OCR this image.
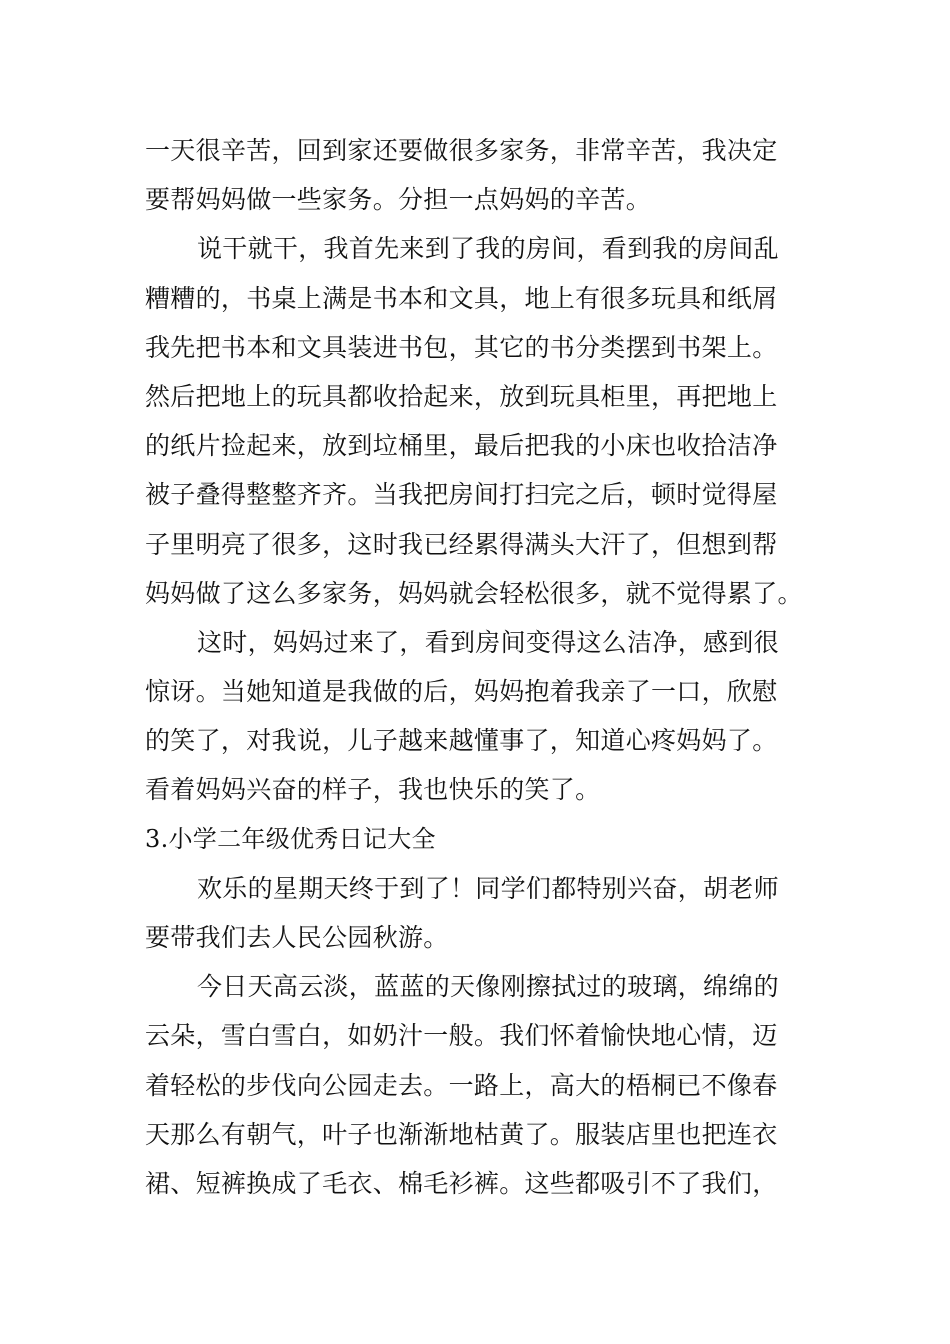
一天很辛苦，回到家还要做很多家务，非常辛苦，我决定
要帮妈妈做一些家务。分担一点妈妈的辛苦。
说干就干，我首先来到了我的房间，看到我的房间乱
糟糟的，书桌上满是书本和文具，地上有很多玩具和纸屑
我先把书本和文具装进书包，其它的书分类摆到书架上。
然后把地上的玩具都收拾起来，放到玩具柜里，再把地上
的纸片捡起来，放到垃桶里，最后把我的小床也收拾洁净
被子叠得整整齐齐。当我把房间打扫完之后，顿时觉得屋
子里明亮了很多，这时我已经累得满头大汗了，但想到帮
妈妈做了这么多家务，妈妈就会轻松很多，就不觉得累了。
这时，妈妈过来了，看到房间变得这么洁净，感到很
惊讶。当她知道是我做的后，妈妈抱着我亲了一口，欣慰
的笑了，对我说，儿子越来越懂事了，知道心疼妈妈了。
看着妈妈兴奋的样子，我也快乐的笑了。
3.小学二年级优秀日记大全
欢乐的星期天终于到了！同学们都特别兴奋，胡老师
要带我们去人民公园秋游。
今日天高云淡，蓝蓝的天像刚擦拭过的玻璃，绵绵的
云朵，雪白雪白，如奶汁一般。我们怀着愉快地心情，迈
着轻松的步伐向公园走去。一路上，高大的梧桐已不像春
天那么有朝气，叶子也渐渐地枯黄了。服装店里也把连衣
裙、短裤换成了毛衣、棉毛衫裤。这些都吸引不了我们，
